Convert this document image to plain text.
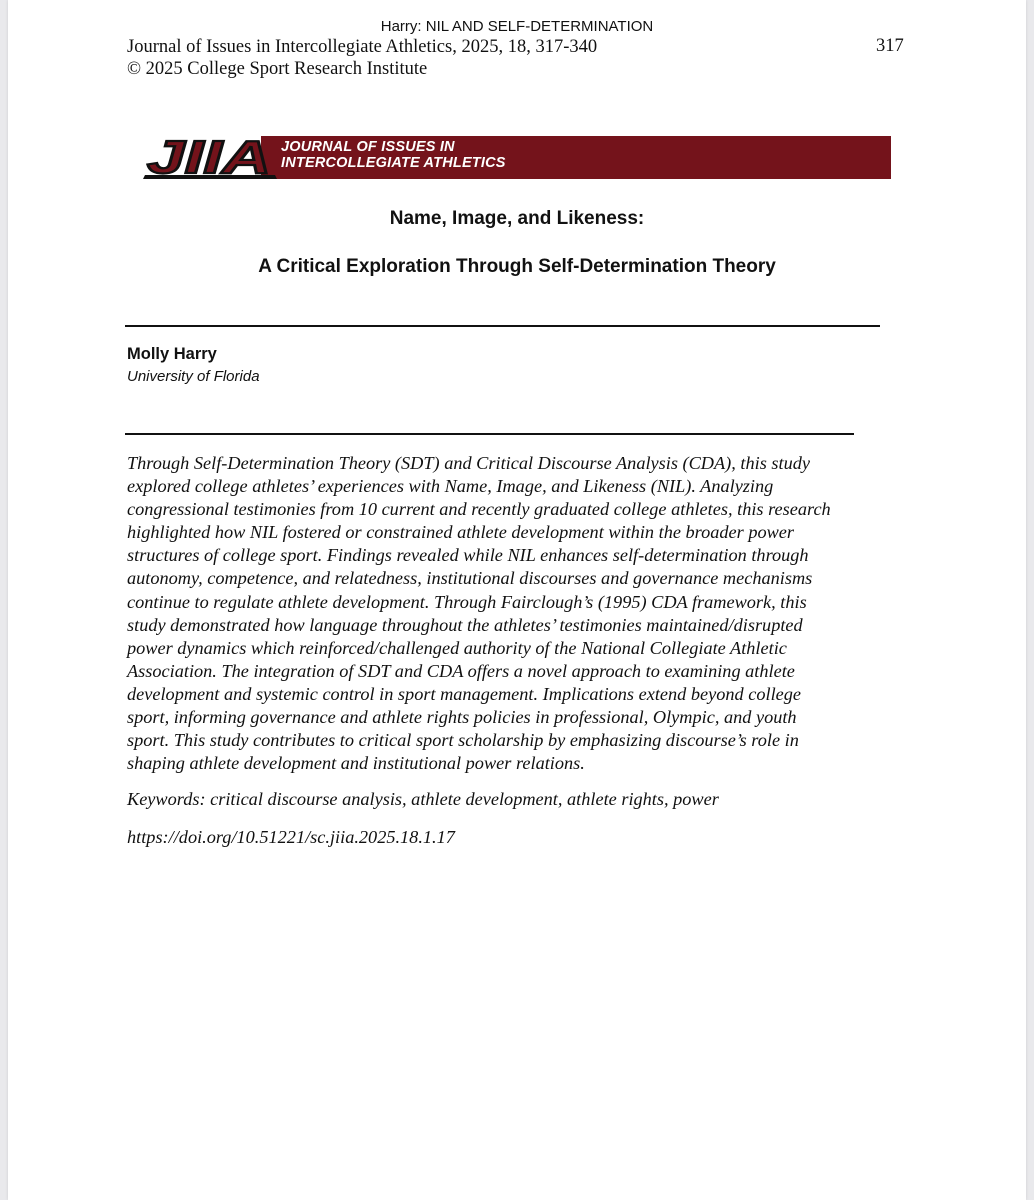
Harry: NIL AND SELF-DETERMINATION
Journal of Issues in Intercollegiate Athletics, 2025, 18, 317-340	317
© 2025 College Sport Research Institute
JIIA JOURNAL OF ISSUES IN
INTERCOLLEGIATE ATHLETICS
Name, Image, and Likeness:
A Critical Exploration Through Self-Determination Theory
Molly Harry
University of Florida
Through Self-Determination Theory (SDT) and Critical Discourse Analysis (CDA), this study
explored college athletes’ experiences with Name, Image, and Likeness (NIL). Analyzing
congressional testimonies from 10 current and recently graduated college athletes, this research
highlighted how NIL fostered or constrained athlete development within the broader power
structures of college sport. Findings revealed while NIL enhances self-determination through
autonomy, competence, and relatedness, institutional discourses and governance mechanisms
continue to regulate athlete development. Through Fairclough’s (1995) CDA framework, this
study demonstrated how language throughout the athletes’ testimonies maintained/disrupted
power dynamics which reinforced/challenged authority of the National Collegiate Athletic
Association. The integration of SDT and CDA offers a novel approach to examining athlete
development and systemic control in sport management. Implications extend beyond college
sport, informing governance and athlete rights policies in professional, Olympic, and youth
sport. This study contributes to critical sport scholarship by emphasizing discourse’s role in
shaping athlete development and institutional power relations.
Keywords: critical discourse analysis, athlete development, athlete rights, power
https://doi.org/10.51221/sc.jiia.2025.18.1.17
